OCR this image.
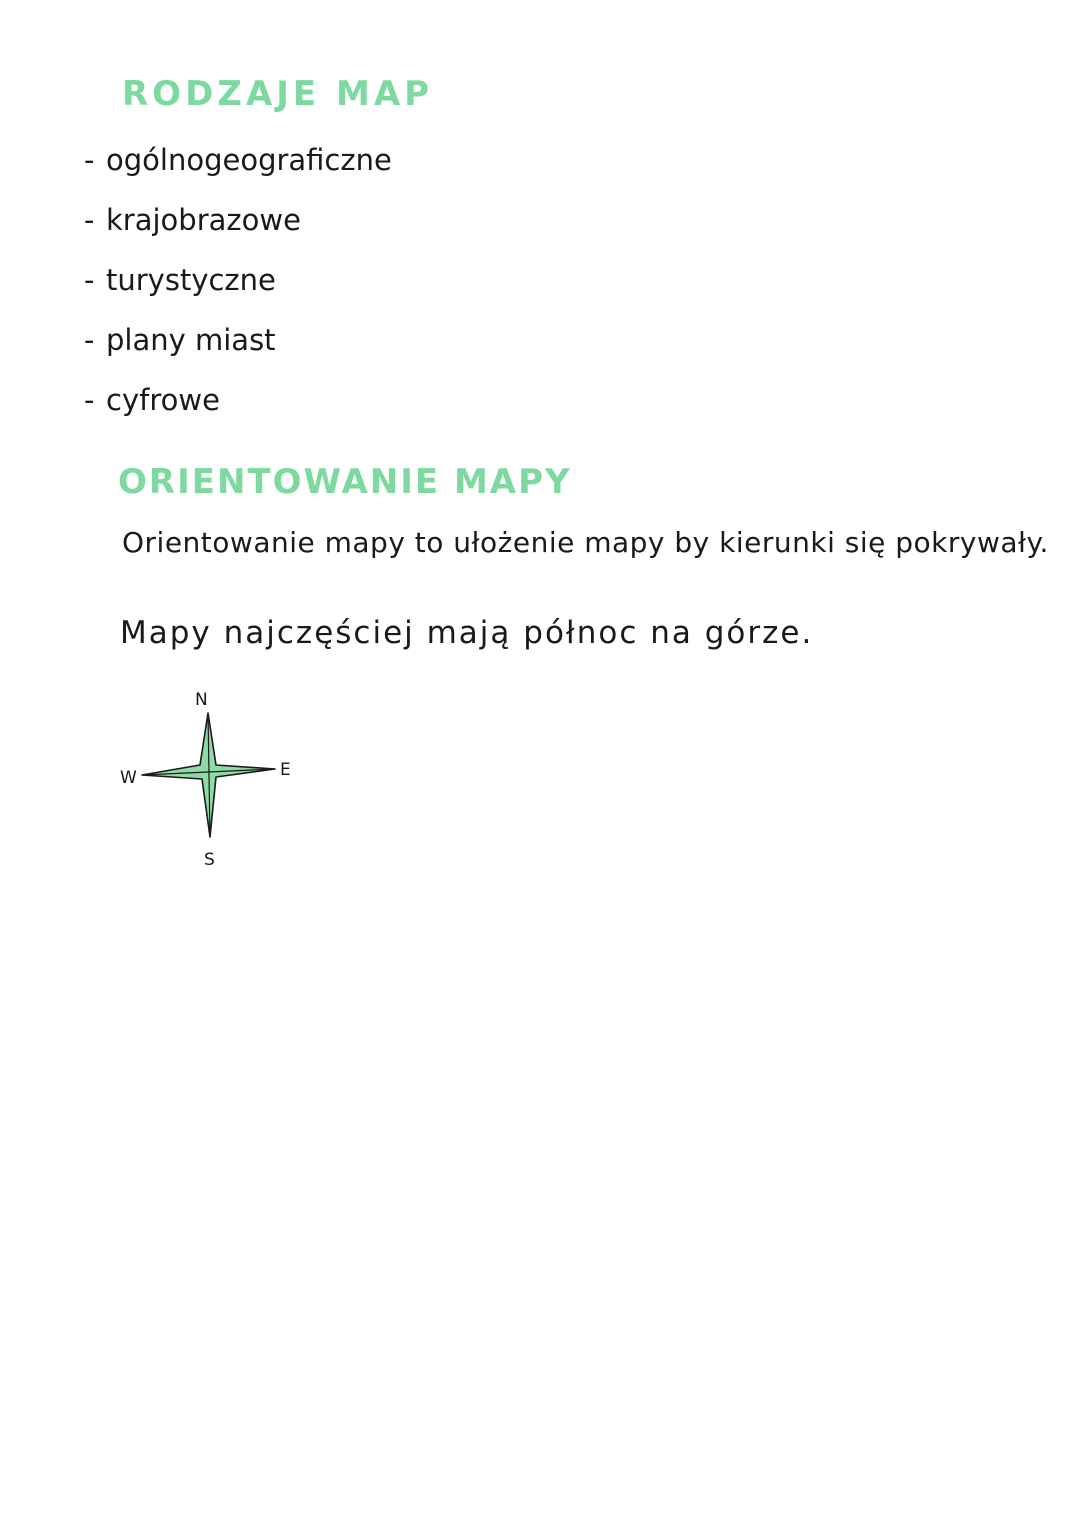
RODZAJE MAP
- ogólnogeograficzne
- krajobrazowe
- turystyczne
- plany miast
- cyfrowe
ORIENTOWANIE MAPY
Orientowanie mapy to ułożenie mapy by kierunki się pokrywały.
Mapy najczęściej mają północ na górze.
N
E
S
W
